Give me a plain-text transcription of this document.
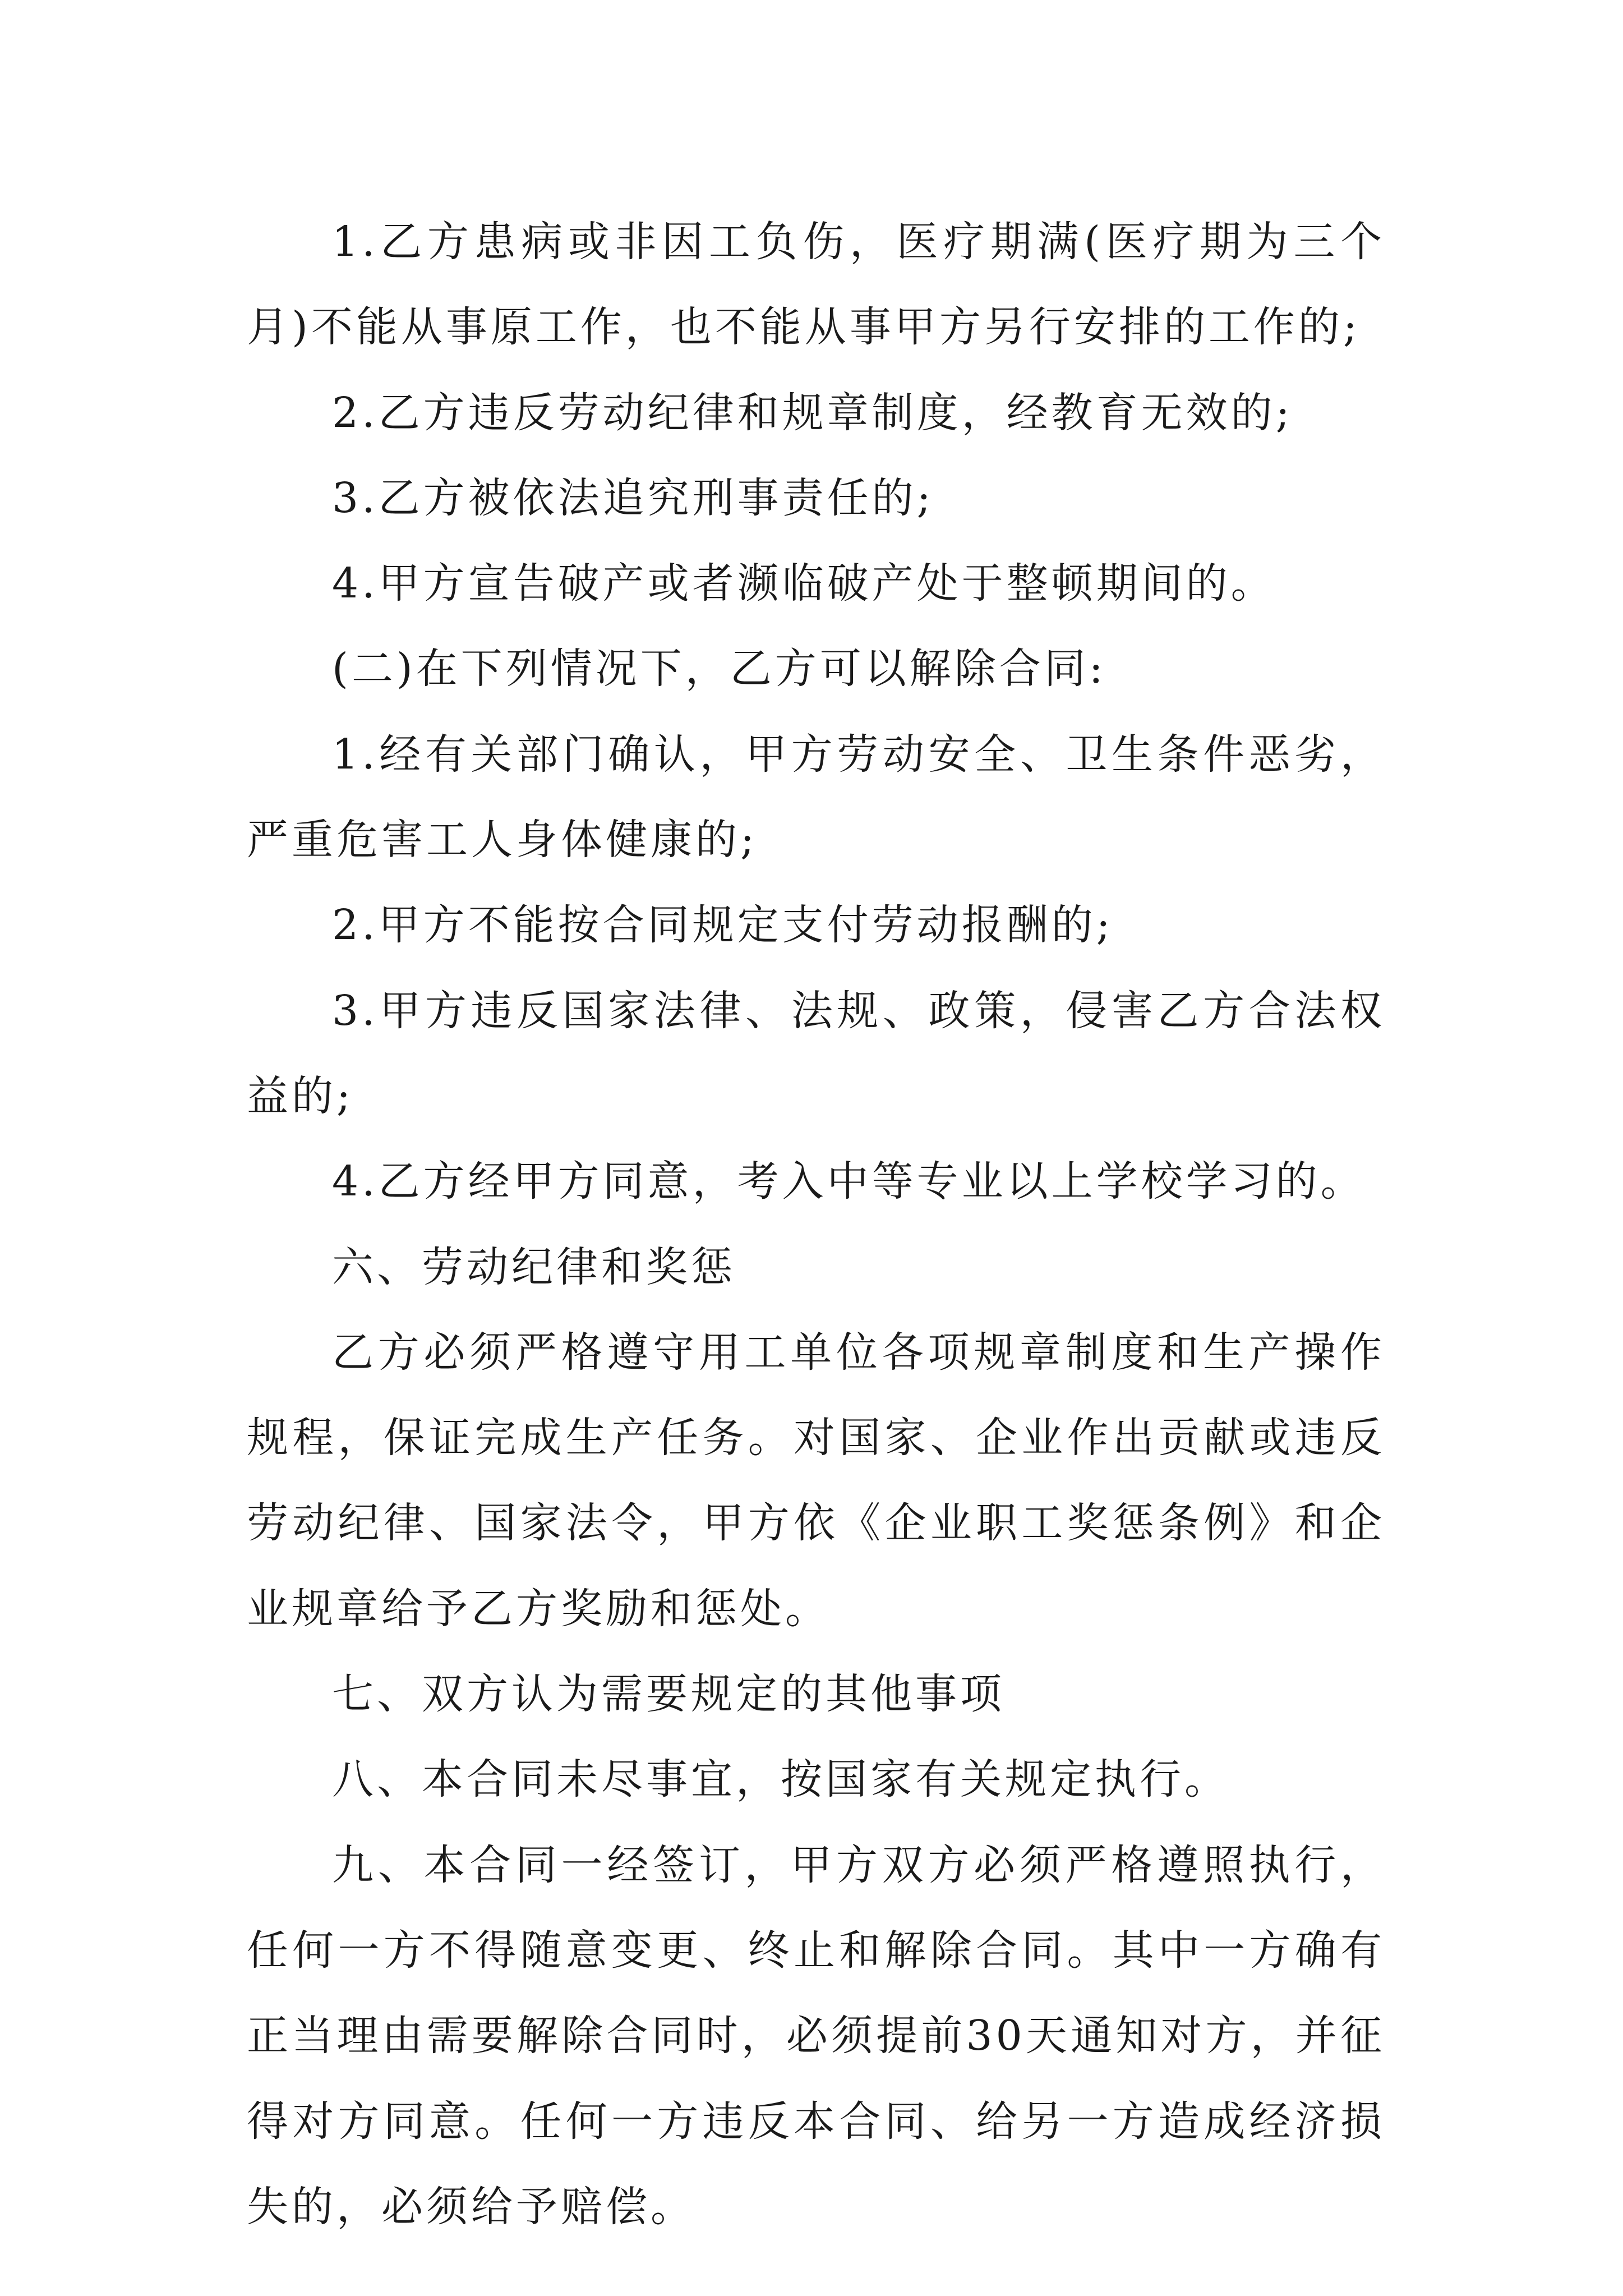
1.乙方患病或非因工负伤，医疗期满(医疗期为三个月)不能从事原工作，也不能从事甲方另行安排的工作的;

2.乙方违反劳动纪律和规章制度，经教育无效的;

3.乙方被依法追究刑事责任的;

4.甲方宣告破产或者濒临破产处于整顿期间的。

(二)在下列情况下，乙方可以解除合同:

1.经有关部门确认，甲方劳动安全、卫生条件恶劣，严重危害工人身体健康的;

2.甲方不能按合同规定支付劳动报酬的;

3.甲方违反国家法律、法规、政策，侵害乙方合法权益的;

4.乙方经甲方同意，考入中等专业以上学校学习的。

六、劳动纪律和奖惩

乙方必须严格遵守用工单位各项规章制度和生产操作规程，保证完成生产任务。对国家、企业作出贡献或违反劳动纪律、国家法令，甲方依《企业职工奖惩条例》和企业规章给予乙方奖励和惩处。

七、双方认为需要规定的其他事项

八、本合同未尽事宜，按国家有关规定执行。

九、本合同一经签订，甲方双方必须严格遵照执行，任何一方不得随意变更、终止和解除合同。其中一方确有正当理由需要解除合同时，必须提前30天通知对方，并征得对方同意。任何一方违反本合同、给另一方造成经济损失的，必须给予赔偿。
